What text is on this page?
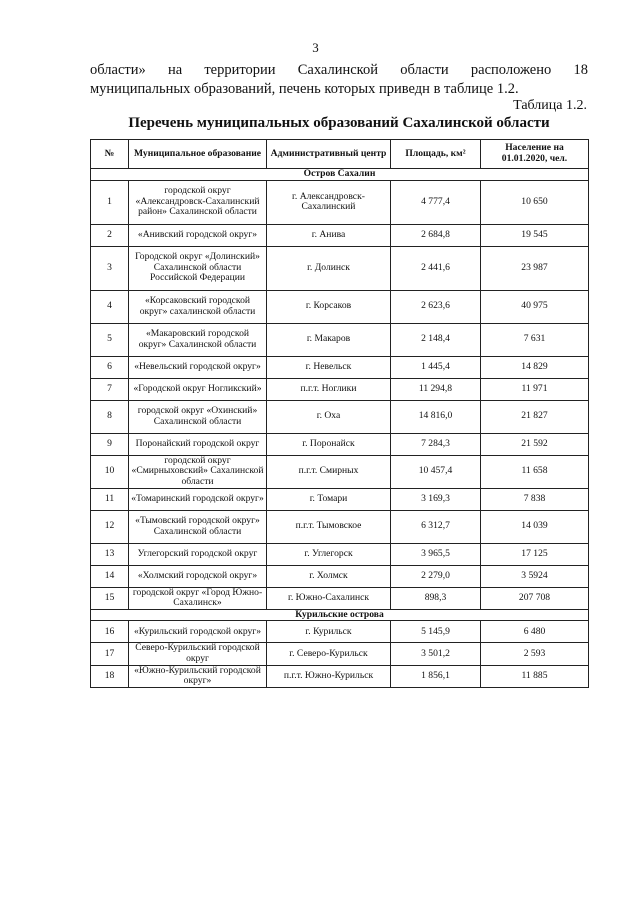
3
области» на территории Сахалинской области расположено 18
муниципальных образований, печень которых приведн в таблице 1.2.
Таблица 1.2.
Перечень муниципальных образований Сахалинской области
№	Муниципальное образование	Административный центр	Площадь, км²	Население на 01.01.2020, чел.
Остров Сахалин				
1	городской округ «Александровск-Сахалинский район» Сахалинской области	г. Александровск-Сахалинский	4 777,4	10 650
2	«Анивский городской округ»	г. Анива	2 684,8	19 545
3	Городской округ «Долинский» Сахалинской области Российской Федерации	г. Долинск	2 441,6	23 987
4	«Корсаковский городской округ» сахалинской области	г. Корсаков	2 623,6	40 975
5	«Макаровский городской округ» Сахалинской области	г. Макаров	2 148,4	7 631
6	«Невельский городской округ»	г. Невельск	1 445,4	14 829
7	«Городской округ Ногликский»	п.г.т. Ноглики	11 294,8	11 971
8	городской округ «Охинский» Сахалинской области	г. Оха	14 816,0	21 827
9	Поронайский городской округ	г. Поронайск	7 284,3	21 592
10	городской округ «Смирныховский» Сахалинской области	п.г.т. Смирных	10 457,4	11 658
11	«Томаринский городской округ»	г. Томари	3 169,3	7 838
12	«Тымовский городской округ» Сахалинской области	п.г.т. Тымовское	6 312,7	14 039
13	Углегорский городской округ	г. Углегорск	3 965,5	17 125
14	«Холмский городской округ»	г. Холмск	2 279,0	3 5924
15	городской округ «Город Южно-Сахалинск»	г. Южно-Сахалинск	898,3	207 708
Курильские острова				
16	«Курильский городской округ»	г. Курильск	5 145,9	6 480
17	Северо-Курильский городской округ	г. Северо-Курильск	3 501,2	2 593
18	«Южно-Курильский городской округ»	п.г.т. Южно-Курильск	1 856,1	11 885
